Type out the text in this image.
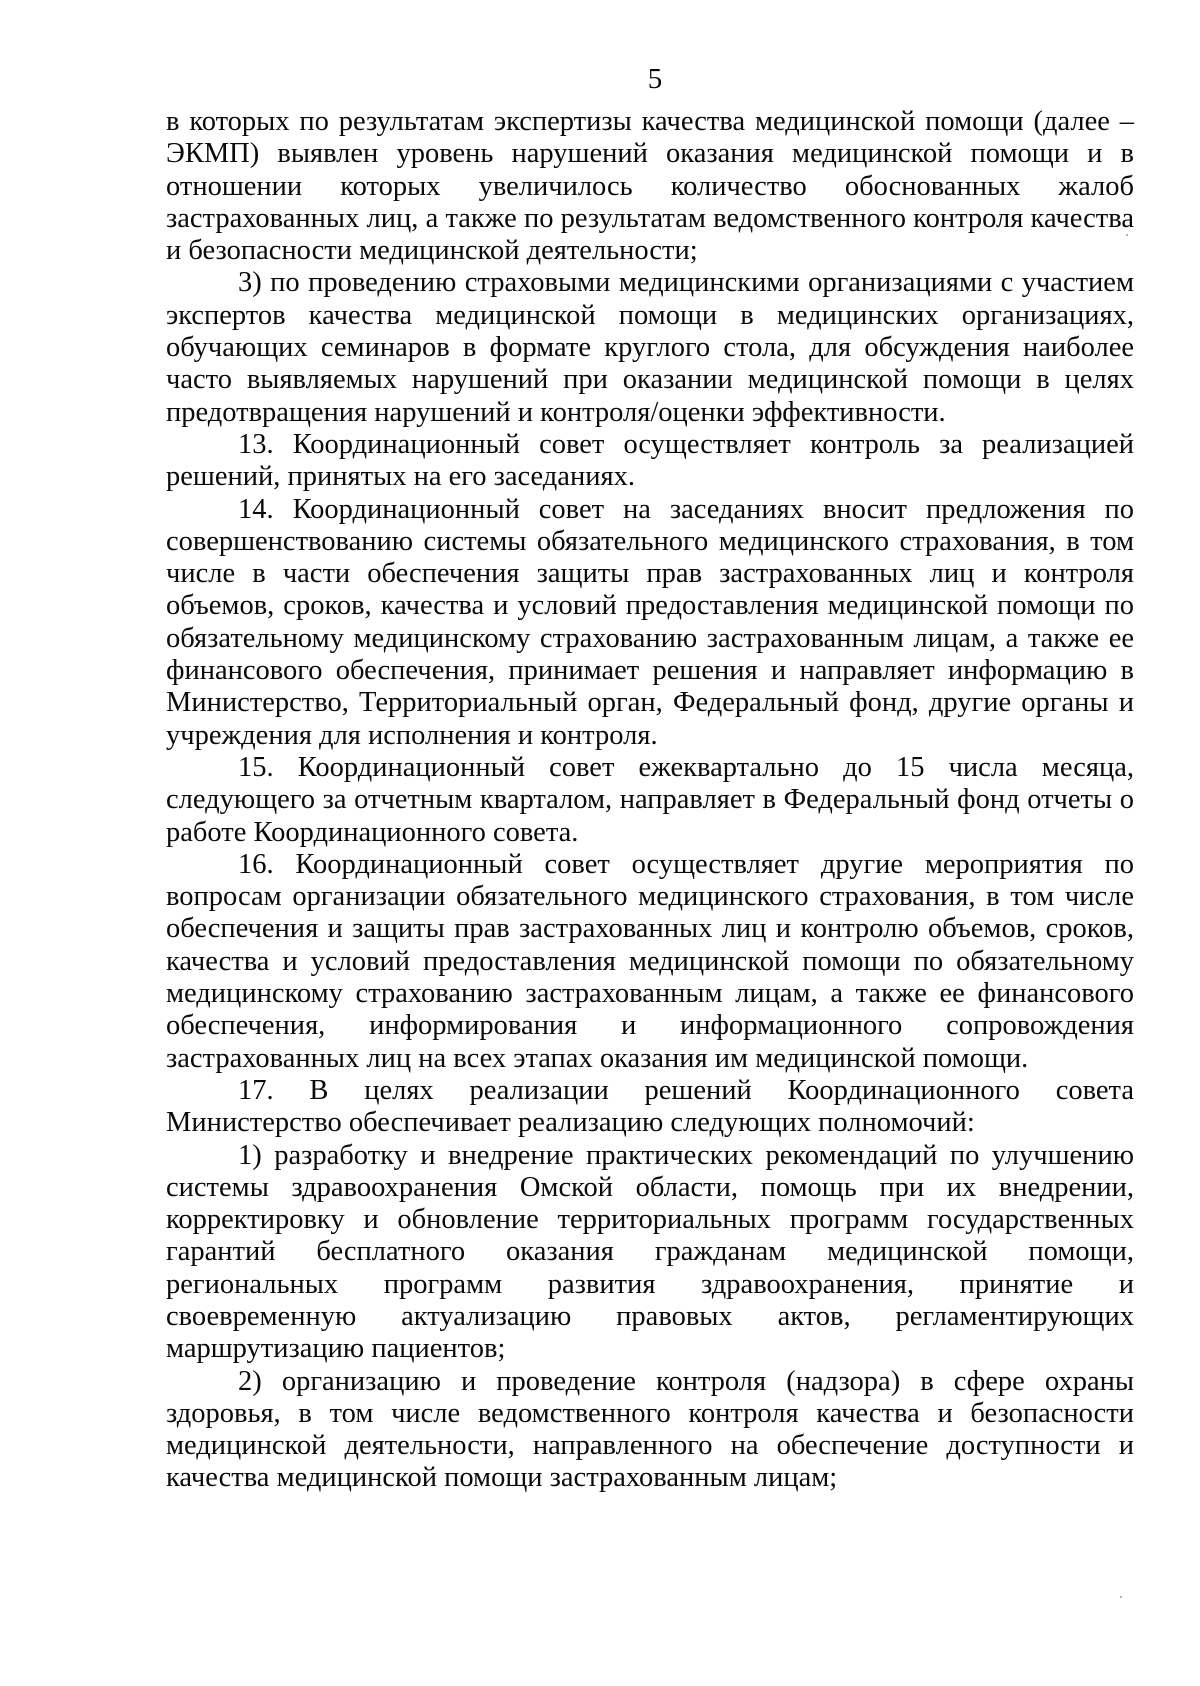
5

в которых по результатам экспертизы качества медицинской помощи (далее – ЭКМП) выявлен уровень нарушений оказания медицинской помощи и в отношении которых увеличилось количество обоснованных жалоб застрахованных лиц, а также по результатам ведомственного контроля качества и безопасности медицинской деятельности;

3) по проведению страховыми медицинскими организациями с участием экспертов качества медицинской помощи в медицинских организациях, обучающих семинаров в формате круглого стола, для обсуждения наиболее часто выявляемых нарушений при оказании медицинской помощи в целях предотвращения нарушений и контроля/оценки эффективности.

13. Координационный совет осуществляет контроль за реализацией решений, принятых на его заседаниях.

14. Координационный совет на заседаниях вносит предложения по совершенствованию системы обязательного медицинского страхования, в том числе в части обеспечения защиты прав застрахованных лиц и контроля объемов, сроков, качества и условий предоставления медицинской помощи по обязательному медицинскому страхованию застрахованным лицам, а также ее финансового обеспечения, принимает решения и направляет информацию в Министерство, Территориальный орган, Федеральный фонд, другие органы и учреждения для исполнения и контроля.

15. Координационный совет ежеквартально до 15 числа месяца, следующего за отчетным кварталом, направляет в Федеральный фонд отчеты о работе Координационного совета.

16. Координационный совет осуществляет другие мероприятия по вопросам организации обязательного медицинского страхования, в том числе обеспечения и защиты прав застрахованных лиц и контролю объемов, сроков, качества и условий предоставления медицинской помощи по обязательному медицинскому страхованию застрахованным лицам, а также ее финансового обеспечения, информирования и информационного сопровождения застрахованных лиц на всех этапах оказания им медицинской помощи.

17. В целях реализации решений Координационного совета Министерство обеспечивает реализацию следующих полномочий:

1) разработку и внедрение практических рекомендаций по улучшению системы здравоохранения Омской области, помощь при их внедрении, корректировку и обновление территориальных программ государственных гарантий бесплатного оказания гражданам медицинской помощи, региональных программ развития здравоохранения, принятие и своевременную актуализацию правовых актов, регламентирующих маршрутизацию пациентов;

2) организацию и проведение контроля (надзора) в сфере охраны здоровья, в том числе ведомственного контроля качества и безопасности медицинской деятельности, направленного на обеспечение доступности и качества медицинской помощи застрахованным лицам;
